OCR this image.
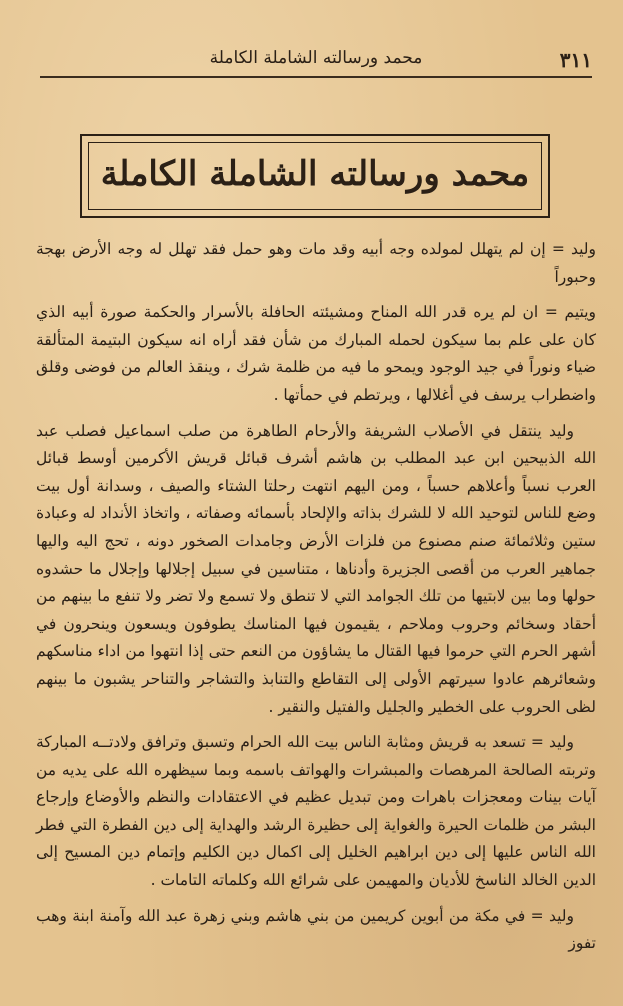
٣١١
محمد ورسالته الشاملة الكاملة
محمد ورسالته الشاملة الكاملة

وليد = إن لم يتهلل لمولده وجه أبيه وقد مات وهو حمل فقد تهلل له وجه الأرض بهجة وحبوراً

ويتيم = ان لم يره قدر الله المناح ومشيئته الحافلة بالأسرار والحكمة صورة أبيه الذي كان على علم بما سيكون لحمله المبارك من شأن فقد أراه انه سيكون البتيمة المتألقة ضياء ونوراً في جيد الوجود ويمحو ما فيه من ظلمة شرك ، وينقذ العالم من فوضى وقلق واضطراب يرسف في أغلالها ، ويرتطم في حمأتها .

وليد ينتقل في الأصلاب الشريفة والأرحام الطاهرة من صلب اسماعيل فصلب عبد الله الذبيحين ابن عبد المطلب بن هاشم أشرف قبائل قريش الأكرمين أوسط قبائل العرب نسباً وأعلاهم حسباً ، ومن اليهم انتهت رحلتا الشتاء والصيف ، وسدانة أول بيت وضع للناس لتوحيد الله لا للشرك بذاته والإلحاد بأسمائه وصفاته ، واتخاذ الأنداد له وعبادة ستين وثلاثمائة صنم مصنوع من فلزات الأرض وجامدات الصخور دونه ، تحج اليه واليها جماهير العرب من أقصى الجزيرة وأدناها ، متناسين في سبيل إجلالها وإجلال ما حشدوه حولها وما بين لابتيها من تلك الجوامد التي لا تنطق ولا تسمع ولا تضر ولا تنفع ما بينهم من أحقاد وسخائم وحروب وملاحم ، يقيمون فيها المناسك يطوفون ويسعون وينحرون في أشهر الحرم التي حرموا فيها القتال ما يشاؤون من النعم حتى إذا انتهوا من اداء مناسكهم وشعائرهم عادوا سيرتهم الأولى إلى التقاطع والتنابذ والتشاجر والتناحر يشبون ما بينهم لظى الحروب على الخطير والجليل والفتيل والنقير .

وليد = تسعد به قريش ومثابة الناس بيت الله الحرام وتسبق وترافق ولادتــه المباركة وتربته الصالحة المرهصات والمبشرات والهواتف باسمه وبما سيظهره الله على يديه من آيات بينات ومعجزات باهرات ومن تبديل عظيم في الاعتقادات والنظم والأوضاع وإرجاع البشر من ظلمات الحيرة والغواية إلى حظيرة الرشد والهداية إلى دين الفطرة التي فطر الله الناس عليها إلى دين ابراهيم الخليل إلى اكمال دين الكليم وإتمام دين المسيح إلى الدين الخالد الناسخ للأديان والمهيمن على شرائع الله وكلماته التامات .

وليد = في مكة من أبوين كريمين من بني هاشم وبني زهرة عبد الله وآمنة ابنة وهب تفوز
